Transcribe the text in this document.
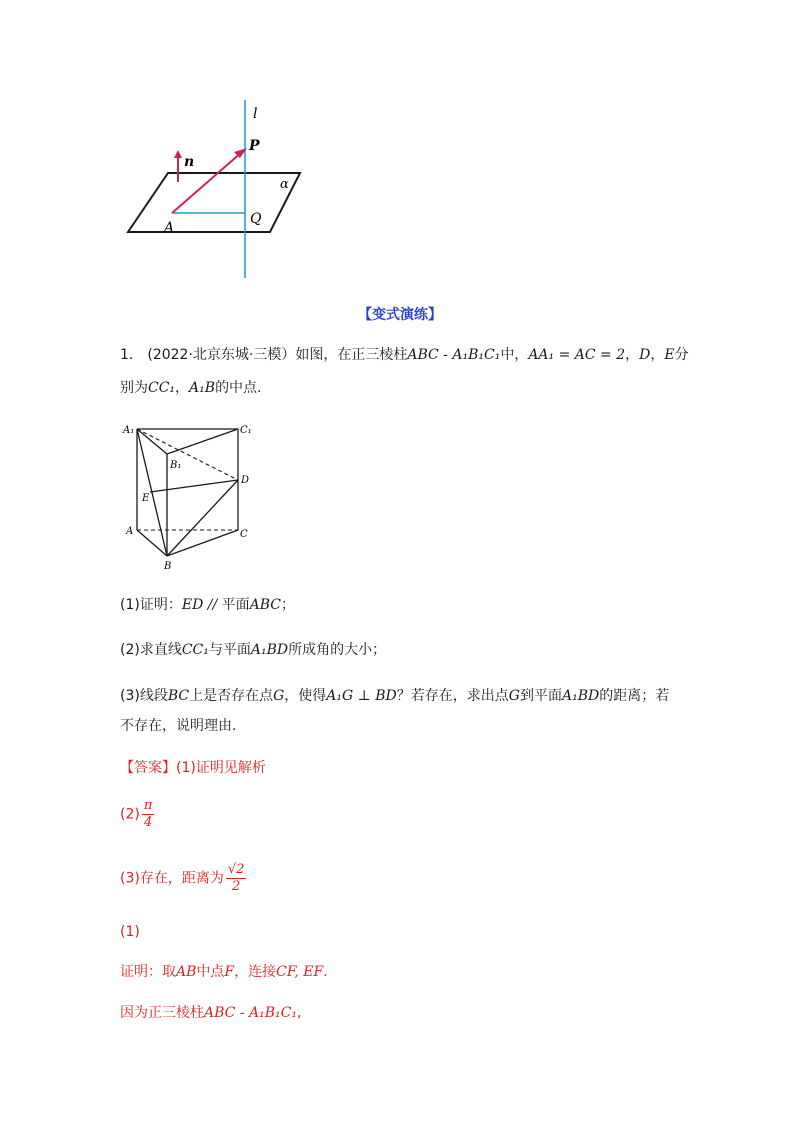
l
P
n
α
Q
A
【变式演练】
1.　(2022·北京东城·三模）如图，在正三棱柱ABC - A₁B₁C₁中，AA₁ = AC = 2，D，E分
别为CC₁，A₁B的中点.
A₁	C₁
B₁
D
E
A	C
B
(1)证明：ED // 平面ABC；
(2)求直线CC₁与平面A₁BD所成角的大小；
(3)线段BC上是否存在点G，使得A₁G ⊥ BD？若存在，求出点G到平面A₁BD的距离；若
不存在，说明理由.
【答案】(1)证明见解析
$(2) \frac{\pi}{4}$
(3)存在，距离为 $\frac{√2}{2}$
(1)
证明：取AB中点F，连接CF, EF.
因为正三棱柱ABC - A₁B₁C₁,
